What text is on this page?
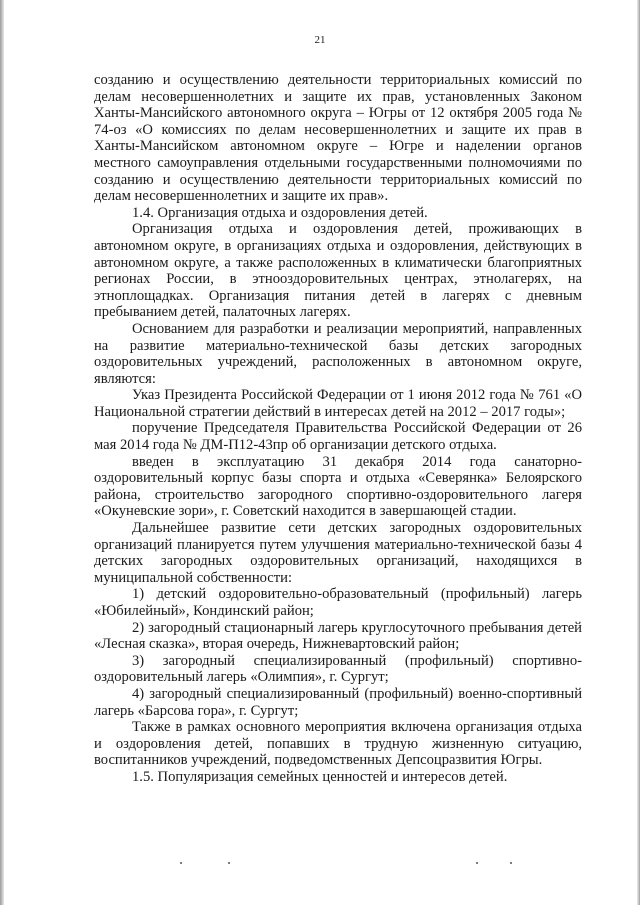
21

созданию и осуществлению деятельности территориальных комиссий по делам несовершеннолетних и защите их прав, установленных Законом Ханты-Мансийского автономного округа – Югры от 12 октября 2005 года № 74-оз «О комиссиях по делам несовершеннолетних и защите их прав в Ханты-Мансийском автономном округе – Югре и наделении органов местного самоуправления отдельными государственными полномочиями по созданию и осуществлению деятельности территориальных комиссий по делам несовершеннолетних и защите их прав».

1.4. Организация отдыха и оздоровления детей.

Организация отдыха и оздоровления детей, проживающих в автономном округе, в организациях отдыха и оздоровления, действующих в автономном округе, а также расположенных в климатически благоприятных регионах России, в этнооздоровительных центрах, этнолагерях, на этноплощадках. Организация питания детей в лагерях с дневным пребыванием детей, палаточных лагерях.

Основанием для разработки и реализации мероприятий, направленных на развитие материально-технической базы детских загородных оздоровительных учреждений, расположенных в автономном округе, являются:

Указ Президента Российской Федерации от 1 июня 2012 года № 761 «О Национальной стратегии действий в интересах детей на 2012 – 2017 годы»;

поручение Председателя Правительства Российской Федерации от 26 мая 2014 года № ДМ-П12-43пр об организации детского отдыха.

введен в эксплуатацию 31 декабря 2014 года санаторно-оздоровительный корпус базы спорта и отдыха «Северянка» Белоярского района, строительство загородного спортивно-оздоровительного лагеря «Окуневские зори», г. Советский находится в завершающей стадии.

Дальнейшее развитие сети детских загородных оздоровительных организаций планируется путем улучшения материально-технической базы 4 детских загородных оздоровительных организаций, находящихся в муниципальной собственности:

1) детский оздоровительно-образовательный (профильный) лагерь «Юбилейный», Кондинский район;

2) загородный стационарный лагерь круглосуточного пребывания детей «Лесная сказка», вторая очередь, Нижневартовский район;

3) загородный специализированный (профильный) спортивно-оздоровительный лагерь «Олимпия», г. Сургут;

4) загородный специализированный (профильный) военно-спортивный лагерь «Барсова гора», г. Сургут;

Также в рамках основного мероприятия включена организация отдыха и оздоровления детей, попавших в трудную жизненную ситуацию, воспитанников учреждений, подведомственных Депсоцразвития Югры.

1.5. Популяризация семейных ценностей и интересов детей.
